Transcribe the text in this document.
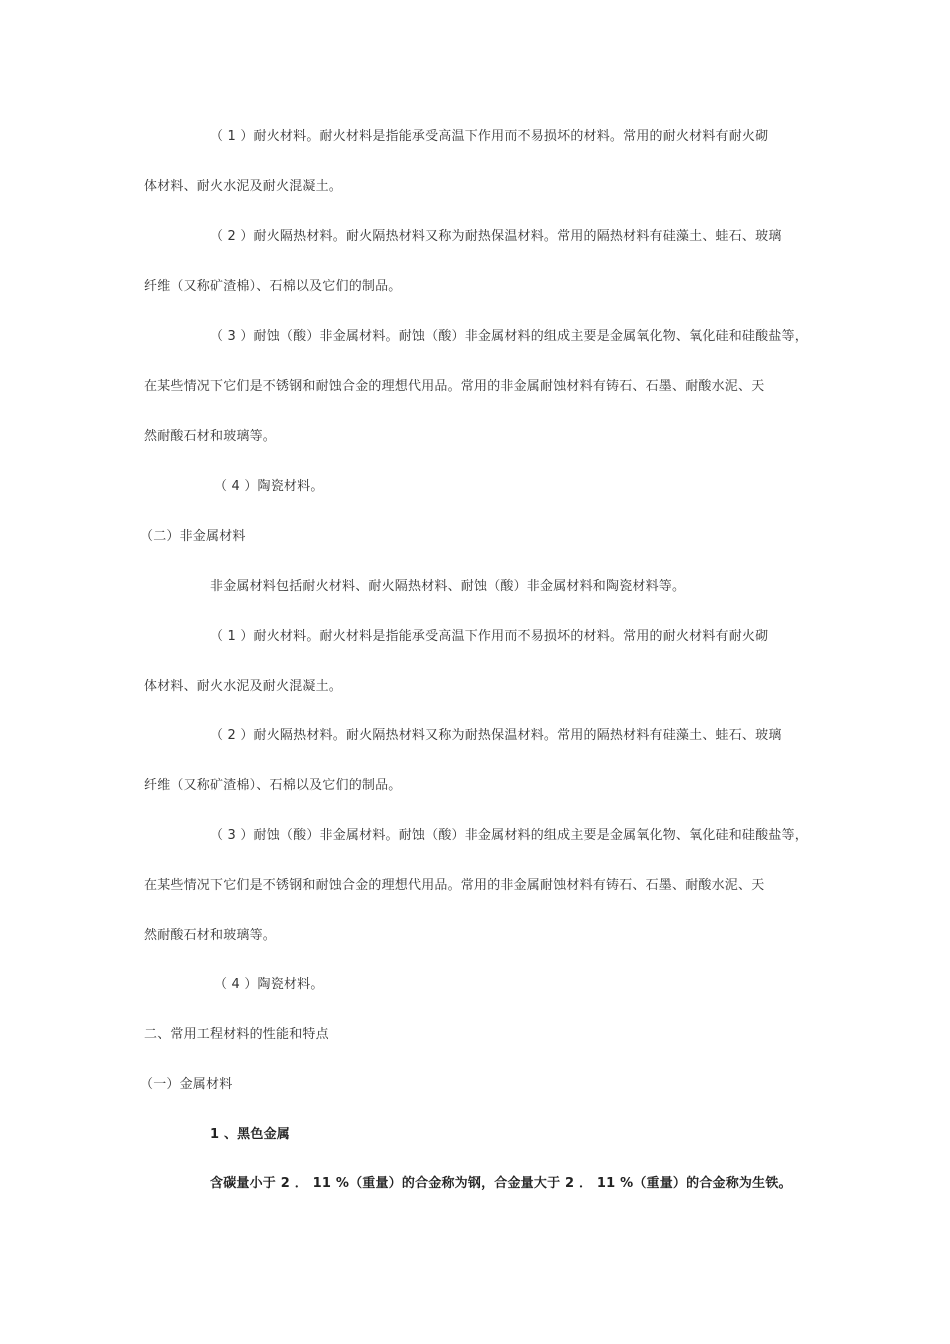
（ 1 ）耐火材料。耐火材料是指能承受高温下作用而不易损坏的材料。常用的耐火材料有耐火砌
体材料、耐火水泥及耐火混凝土。
（ 2 ）耐火隔热材料。耐火隔热材料又称为耐热保温材料。常用的隔热材料有硅藻土、蛙石、玻璃
纤维（又称矿渣棉）、石棉以及它们的制品。
（ 3 ）耐蚀（酸）非金属材料。耐蚀（酸）非金属材料的组成主要是金属氧化物、氧化硅和硅酸盐等，
在某些情况下它们是不锈钢和耐蚀合金的理想代用品。常用的非金属耐蚀材料有铸石、石墨、耐酸水泥、天
然耐酸石材和玻璃等。
（ 4 ）陶瓷材料。
（二）非金属材料
非金属材料包括耐火材料、耐火隔热材料、耐蚀（酸）非金属材料和陶瓷材料等。
（ 1 ）耐火材料。耐火材料是指能承受高温下作用而不易损坏的材料。常用的耐火材料有耐火砌
体材料、耐火水泥及耐火混凝土。
（ 2 ）耐火隔热材料。耐火隔热材料又称为耐热保温材料。常用的隔热材料有硅藻土、蛙石、玻璃
纤维（又称矿渣棉）、石棉以及它们的制品。
（ 3 ）耐蚀（酸）非金属材料。耐蚀（酸）非金属材料的组成主要是金属氧化物、氧化硅和硅酸盐等，
在某些情况下它们是不锈钢和耐蚀合金的理想代用品。常用的非金属耐蚀材料有铸石、石墨、耐酸水泥、天
然耐酸石材和玻璃等。
（ 4 ）陶瓷材料。
二、常用工程材料的性能和特点
（一）金属材料
1 、黑色金属
含碳量小于 2 ． 11 %（重量）的合金称为钢，合金量大于 2 ． 11 %（重量）的合金称为生铁。
